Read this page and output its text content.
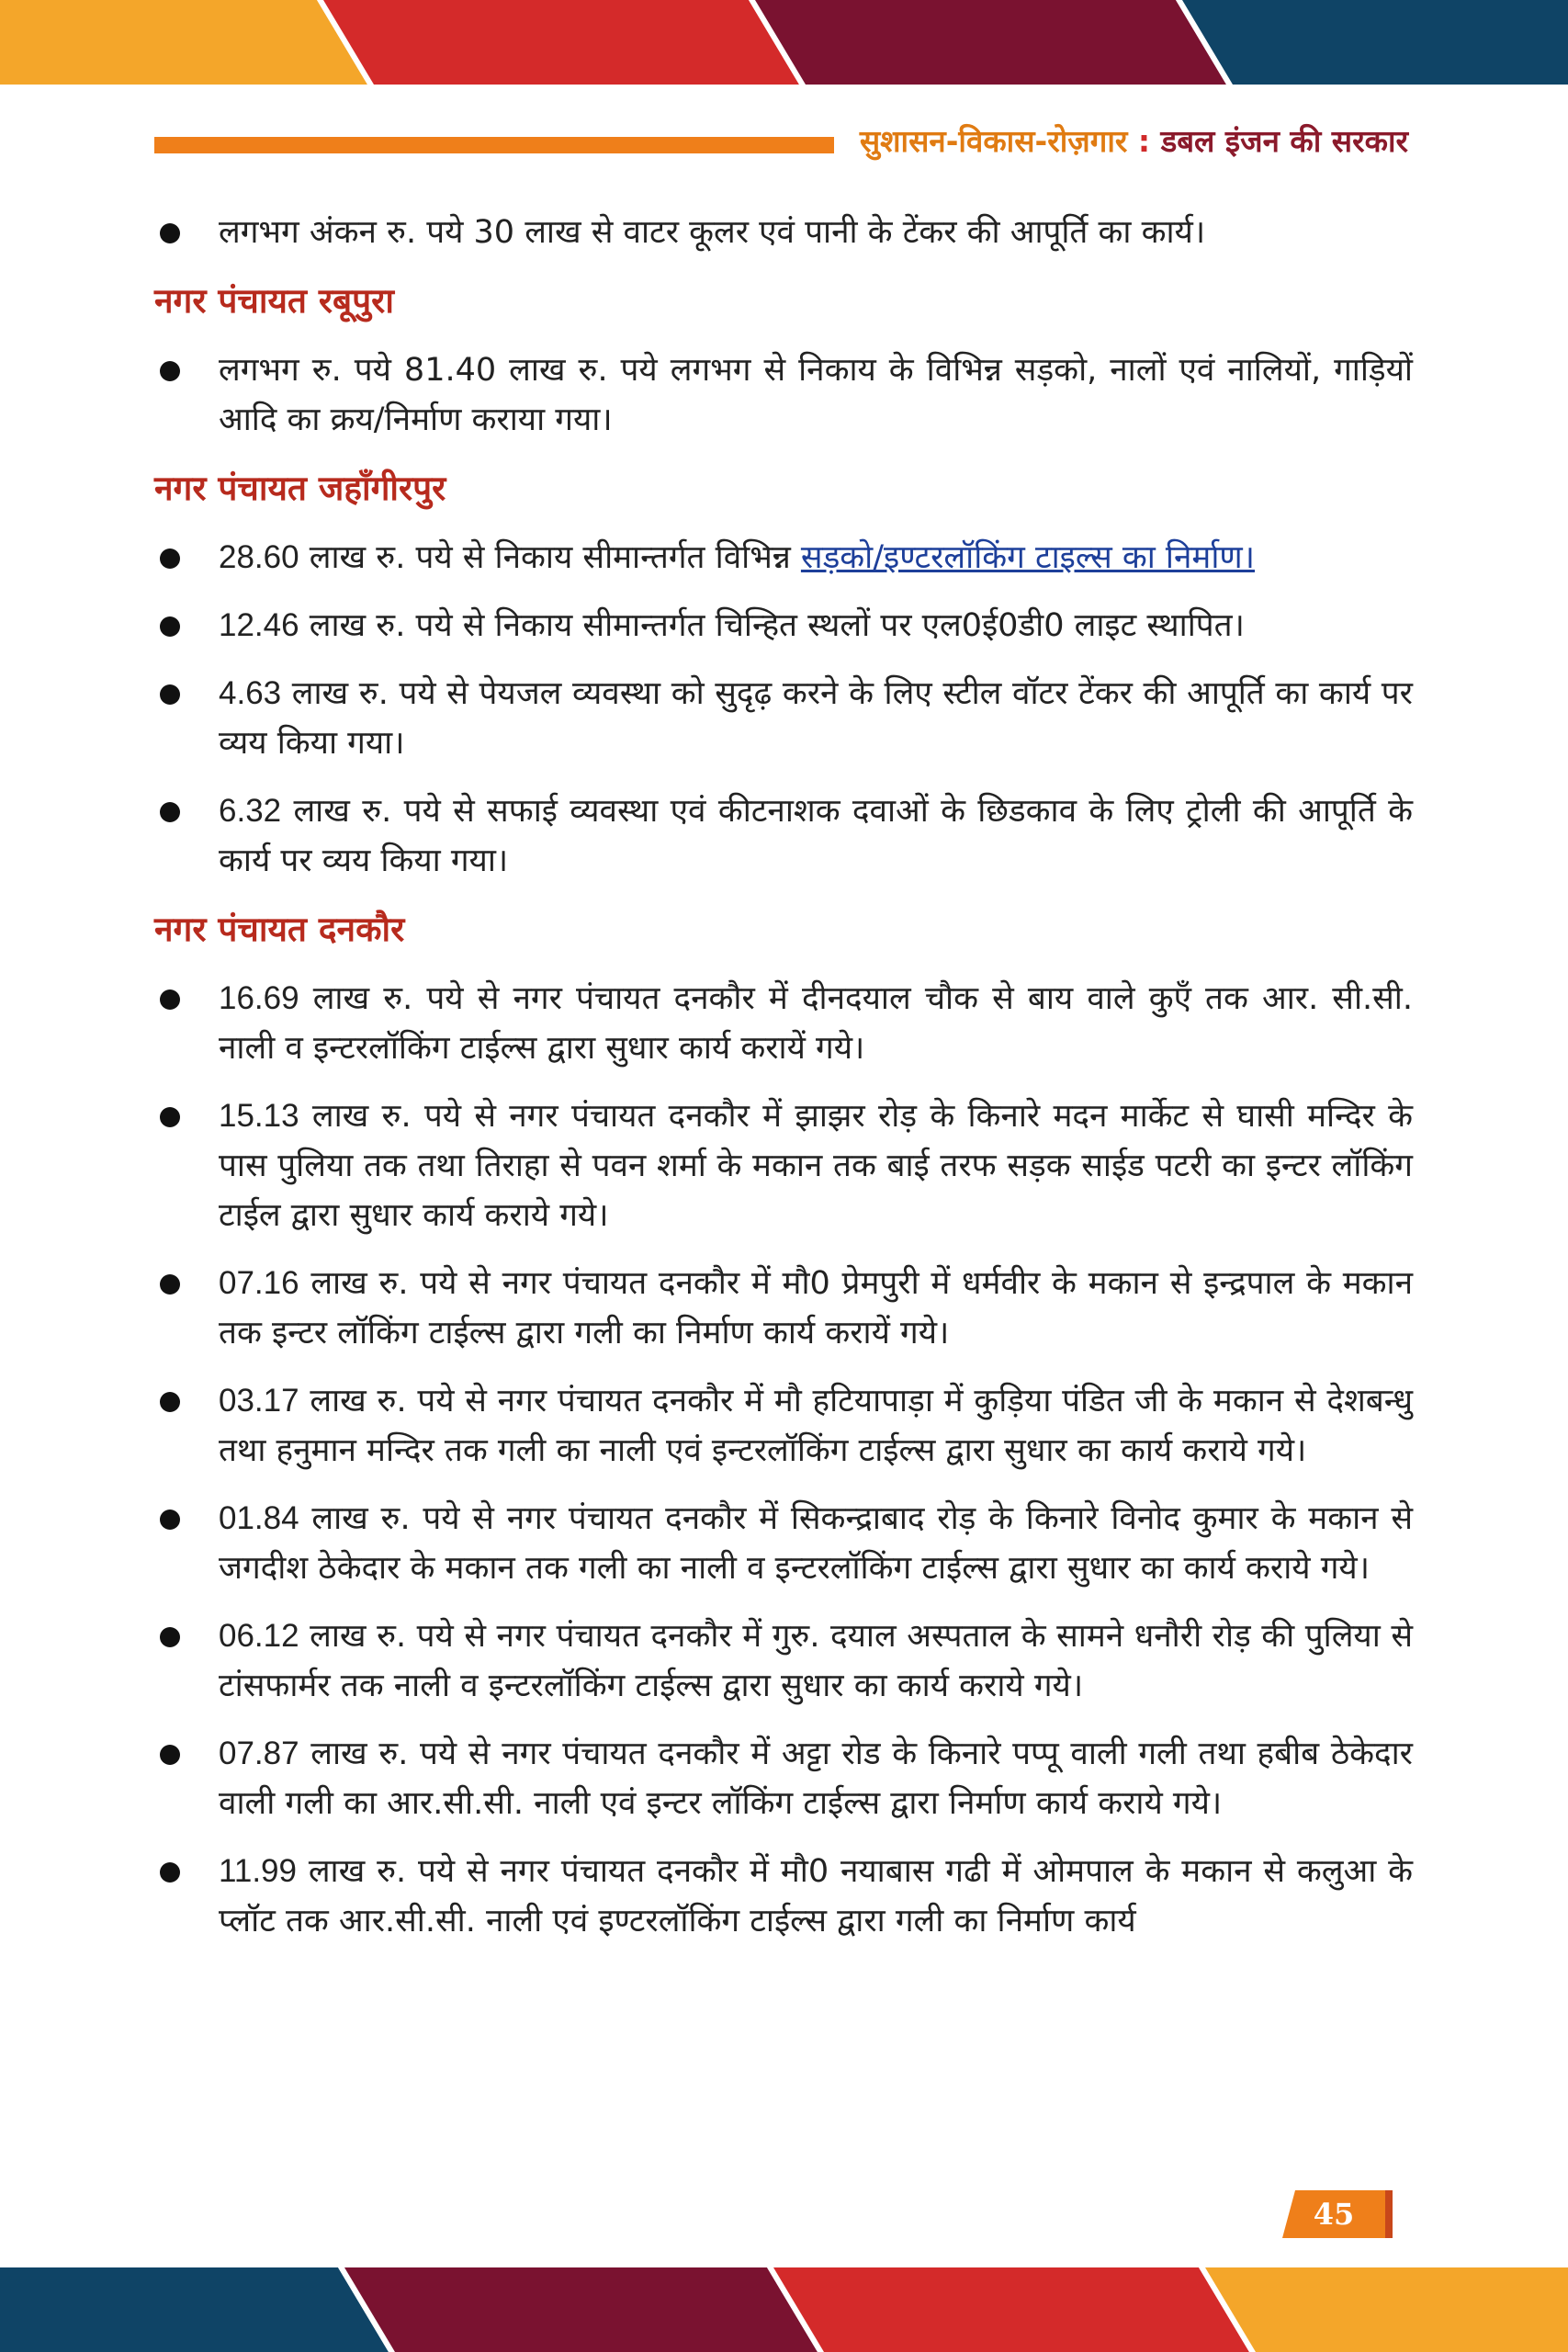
सुशासन-विकास-रोज़गार : डबल इंजन की सरकार
लगभग अंकन रु. पये 30 लाख से वाटर कूलर एवं पानी के टेंकर की आपूर्ति का कार्य।
नगर पंचायत रबूपुरा
लगभग रु. पये 81.40 लाख रु. पये लगभग से निकाय के विभिन्न सड़को, नालों एवं नालियों, गाड़ियों आदि का क्रय/निर्माण कराया गया।
नगर पंचायत जहाँगीरपुर
28.60 लाख रु. पये से निकाय सीमान्तर्गत विभिन्न सड़को/इण्टरलॉकिंग टाइल्स का निर्माण।
12.46 लाख रु. पये से निकाय सीमान्तर्गत चिन्हित स्थलों पर एल0ई0डी0 लाइट स्थापित।
4.63 लाख रु. पये से पेयजल व्यवस्था को सुदृढ़ करने के लिए स्टील वॉटर टेंकर की आपूर्ति का कार्य पर व्यय किया गया।
6.32 लाख रु. पये से सफाई व्यवस्था एवं कीटनाशक दवाओं के छिडकाव के लिए ट्रोली की आपूर्ति के कार्य पर व्यय किया गया।
नगर पंचायत दनकौर
16.69 लाख रु. पये से नगर पंचायत दनकौर में दीनदयाल चौक से बाय वाले कुएँ तक आर. सी.सी. नाली व इन्टरलॉकिंग टाईल्स द्वारा सुधार कार्य करायें गये।
15.13 लाख रु. पये से नगर पंचायत दनकौर में झाझर रोड़ के किनारे मदन मार्केट से घासी मन्दिर के पास पुलिया तक तथा तिराहा से पवन शर्मा के मकान तक बाई तरफ सड़क साईड पटरी का इन्टर लॉकिंग टाईल द्वारा सुधार कार्य कराये गये।
07.16 लाख रु. पये से नगर पंचायत दनकौर में मौ0 प्रेमपुरी में धर्मवीर के मकान से इन्द्रपाल के मकान तक इन्टर लॉकिंग टाईल्स द्वारा गली का निर्माण कार्य करायें गये।
03.17 लाख रु. पये से नगर पंचायत दनकौर में मौ हटियापाड़ा में कुड़िया पंडित जी के मकान से देशबन्धु तथा हनुमान मन्दिर तक गली का नाली एवं इन्टरलॉकिंग टाईल्स द्वारा सुधार का कार्य कराये गये।
01.84 लाख रु. पये से नगर पंचायत दनकौर में सिकन्द्राबाद रोड़ के किनारे विनोद कुमार के मकान से जगदीश ठेकेदार के मकान तक गली का नाली व इन्टरलॉकिंग टाईल्स द्वारा सुधार का कार्य कराये गये।
06.12 लाख रु. पये से नगर पंचायत दनकौर में गुरु. दयाल अस्पताल के सामने धनौरी रोड़ की पुलिया से टांसफार्मर तक नाली व इन्टरलॉकिंग टाईल्स द्वारा सुधार का कार्य कराये गये।
07.87 लाख रु. पये से नगर पंचायत दनकौर में अट्टा रोड के किनारे पप्पू वाली गली तथा हबीब ठेकेदार वाली गली का आर.सी.सी. नाली एवं इन्टर लॉकिंग टाईल्स द्वारा निर्माण कार्य कराये गये।
11.99 लाख रु. पये से नगर पंचायत दनकौर में मौ0 नयाबास गढी में ओमपाल के मकान से कलुआ के प्लॉट तक आर.सी.सी. नाली एवं इण्टरलॉकिंग टाईल्स द्वारा गली का निर्माण कार्य
45
